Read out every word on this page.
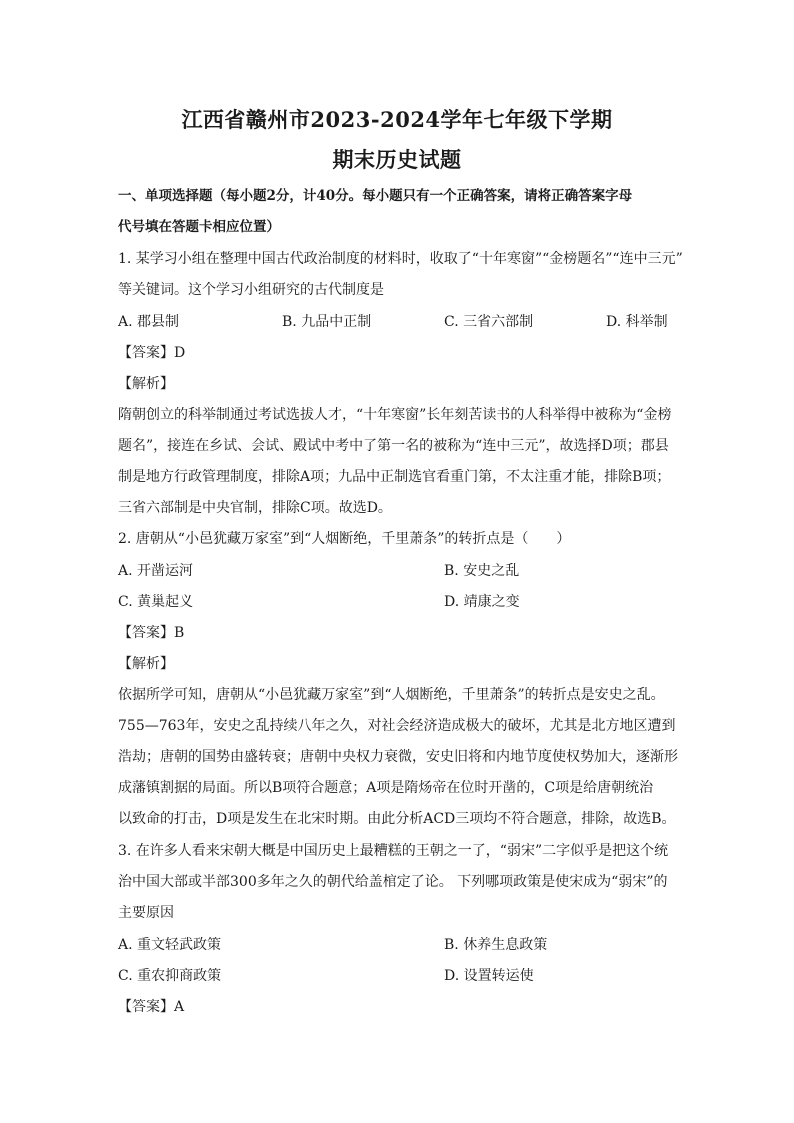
江西省赣州市2023-2024学年七年级下学期
期末历史试题
一、单项选择题（每小题2分，计40分。每小题只有一个正确答案，请将正确答案字母
代号填在答题卡相应位置）
1. 某学习小组在整理中国古代政治制度的材料时，收取了“十年寒窗”“金榜题名”“连中三元”
等关键词。这个学习小组研究的古代制度是
A. 郡县制	B. 九品中正制	C. 三省六部制	D. 科举制
【答案】D
【解析】
隋朝创立的科举制通过考试选拔人才，“十年寒窗”长年刻苦读书的人科举得中被称为“金榜
题名”，接连在乡试、会试、殿试中考中了第一名的被称为“连中三元”，故选择D项；郡县
制是地方行政管理制度，排除A项；九品中正制选官看重门第，不太注重才能，排除B项；
三省六部制是中央官制，排除C项。故选D。
2. 唐朝从“小邑犹藏万家室”到“人烟断绝，千里萧条”的转折点是（　　）
A. 开凿运河	B. 安史之乱
C. 黄巢起义	D. 靖康之变
【答案】B
【解析】
依据所学可知，唐朝从“小邑犹藏万家室”到“人烟断绝，千里萧条”的转折点是安史之乱。
755—763年，安史之乱持续八年之久，对社会经济造成极大的破坏，尤其是北方地区遭到
浩劫；唐朝的国势由盛转衰；唐朝中央权力衰微，安史旧将和内地节度使权势加大，逐渐形
成藩镇割据的局面。所以B项符合题意；A项是隋炀帝在位时开凿的，C项是给唐朝统治
以致命的打击，D项是发生在北宋时期。由此分析ACD三项均不符合题意，排除，故选B。
3. 在许多人看来宋朝大概是中国历史上最糟糕的王朝之一了，“弱宋”二字似乎是把这个统
治中国大部或半部300多年之久的朝代给盖棺定了论。 下列哪项政策是使宋成为“弱宋”的
主要原因
A. 重文轻武政策	B. 休养生息政策
C. 重农抑商政策	D. 设置转运使
【答案】A
